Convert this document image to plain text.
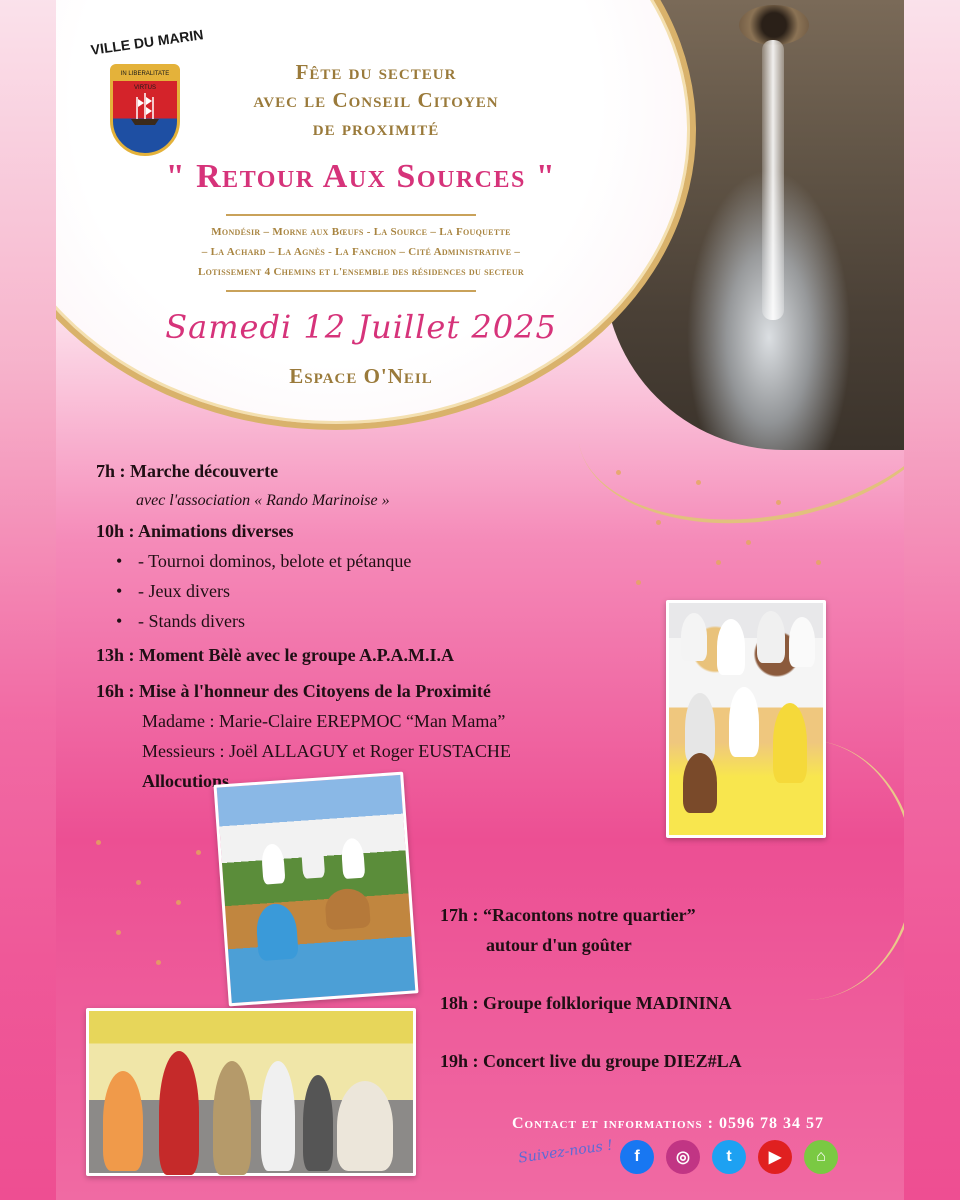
VILLE DU MARIN
IN LIBERALITATE VIRTUS
Fête du secteur
avec le Conseil Citoyen
de proximité
" Retour Aux Sources "
Mondésir – Morne aux Bœufs - La Source – La Fouquette
– La Achard – La Agnès - La Fanchon – Cité Administrative –
Lotissement 4 Chemins et l'ensemble des résidences du secteur
Samedi 12 Juillet 2025
Espace O'Neil
7h : Marche découverte
avec l'association « Rando Marinoise »
10h : Animations diverses
• - Tournoi dominos, belote et pétanque
• - Jeux divers
• - Stands divers
13h : Moment Bèlè avec le groupe A.P.A.M.I.A
16h : Mise à l'honneur des Citoyens de la Proximité
Madame : Marie-Claire EREPMOC “Man Mama”
Messieurs : Joël ALLAGUY et Roger EUSTACHE
Allocutions
17h : “Racontons notre quartier”
autour d'un goûter
18h : Groupe folklorique MADININA
19h : Concert live du groupe DIEZ#LA
Contact et informations : 0596 78 34 57
Suivez-nous !	f	◎	t	▶	⌂
